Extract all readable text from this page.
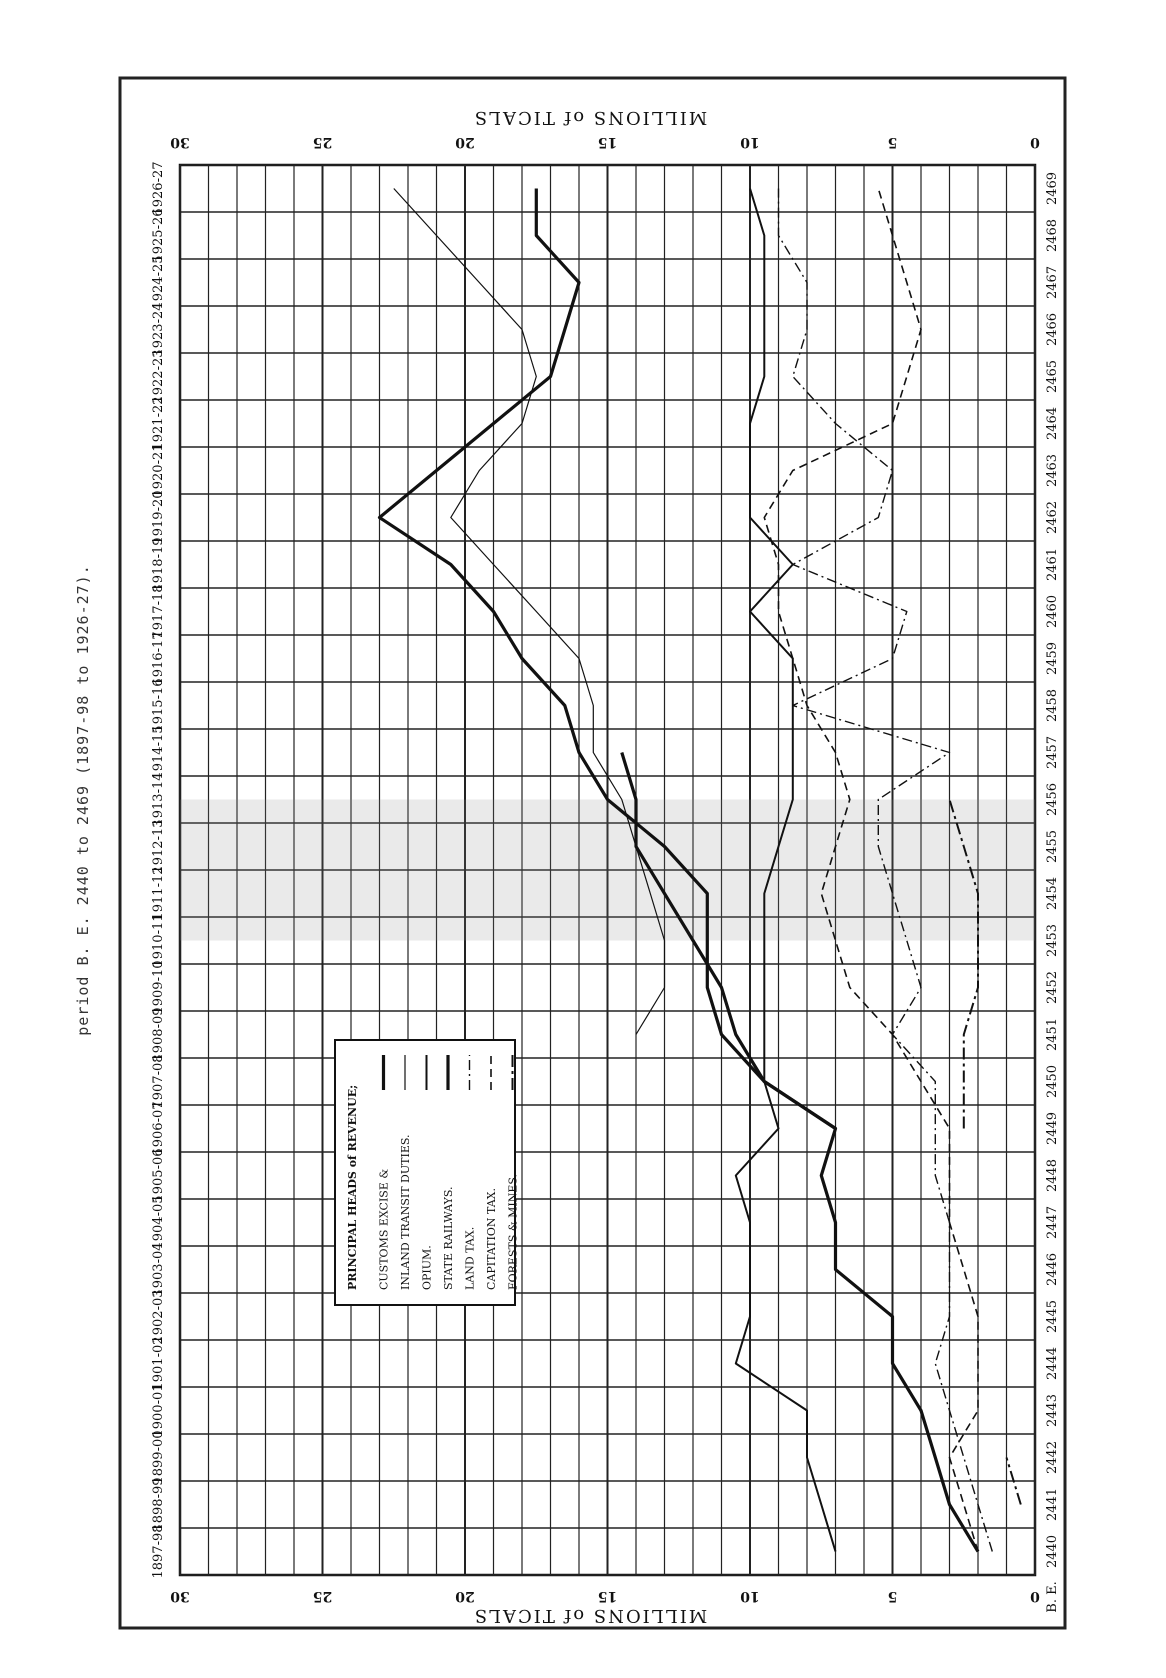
0
0
5
5
10
10
15
15
20
20
25
25
30
30
2440
1897-98
2441
1898-99
2442
1899-00
2443
1900-01
2444
1901-02
2445
1902-03
2446
1903-04
2447
1904-05
2448
1905-06
2449
1906-07
2450
1907-08
2451
1908-09
2452
1909-10
2453
1910-11
2454
1911-12
2455
1912-13
2456
1913-14
2457
1914-15
2458
1915-16
2459
1916-17
2460
1917-18
2461
1918-19
2462
1919-20
2463
1920-21
2464
1921-22
2465
1922-23
2466
1923-24
2467
1924-25
2468
1925-26
2469
1926-27
B. E.
MILLIONS of TICALS
MILLIONS of TICALS
PRINCIPAL HEADS of REVENUE; CUSTOMS EXCISE & INLAND TRANSIT DUTIES. OPIUM. STATE RAILWAYS. LAND TAX. CAPITATION TAX. FORESTS & MINES.
period B. E. 2440 to 2469 (1897-98 to 1926-27).
